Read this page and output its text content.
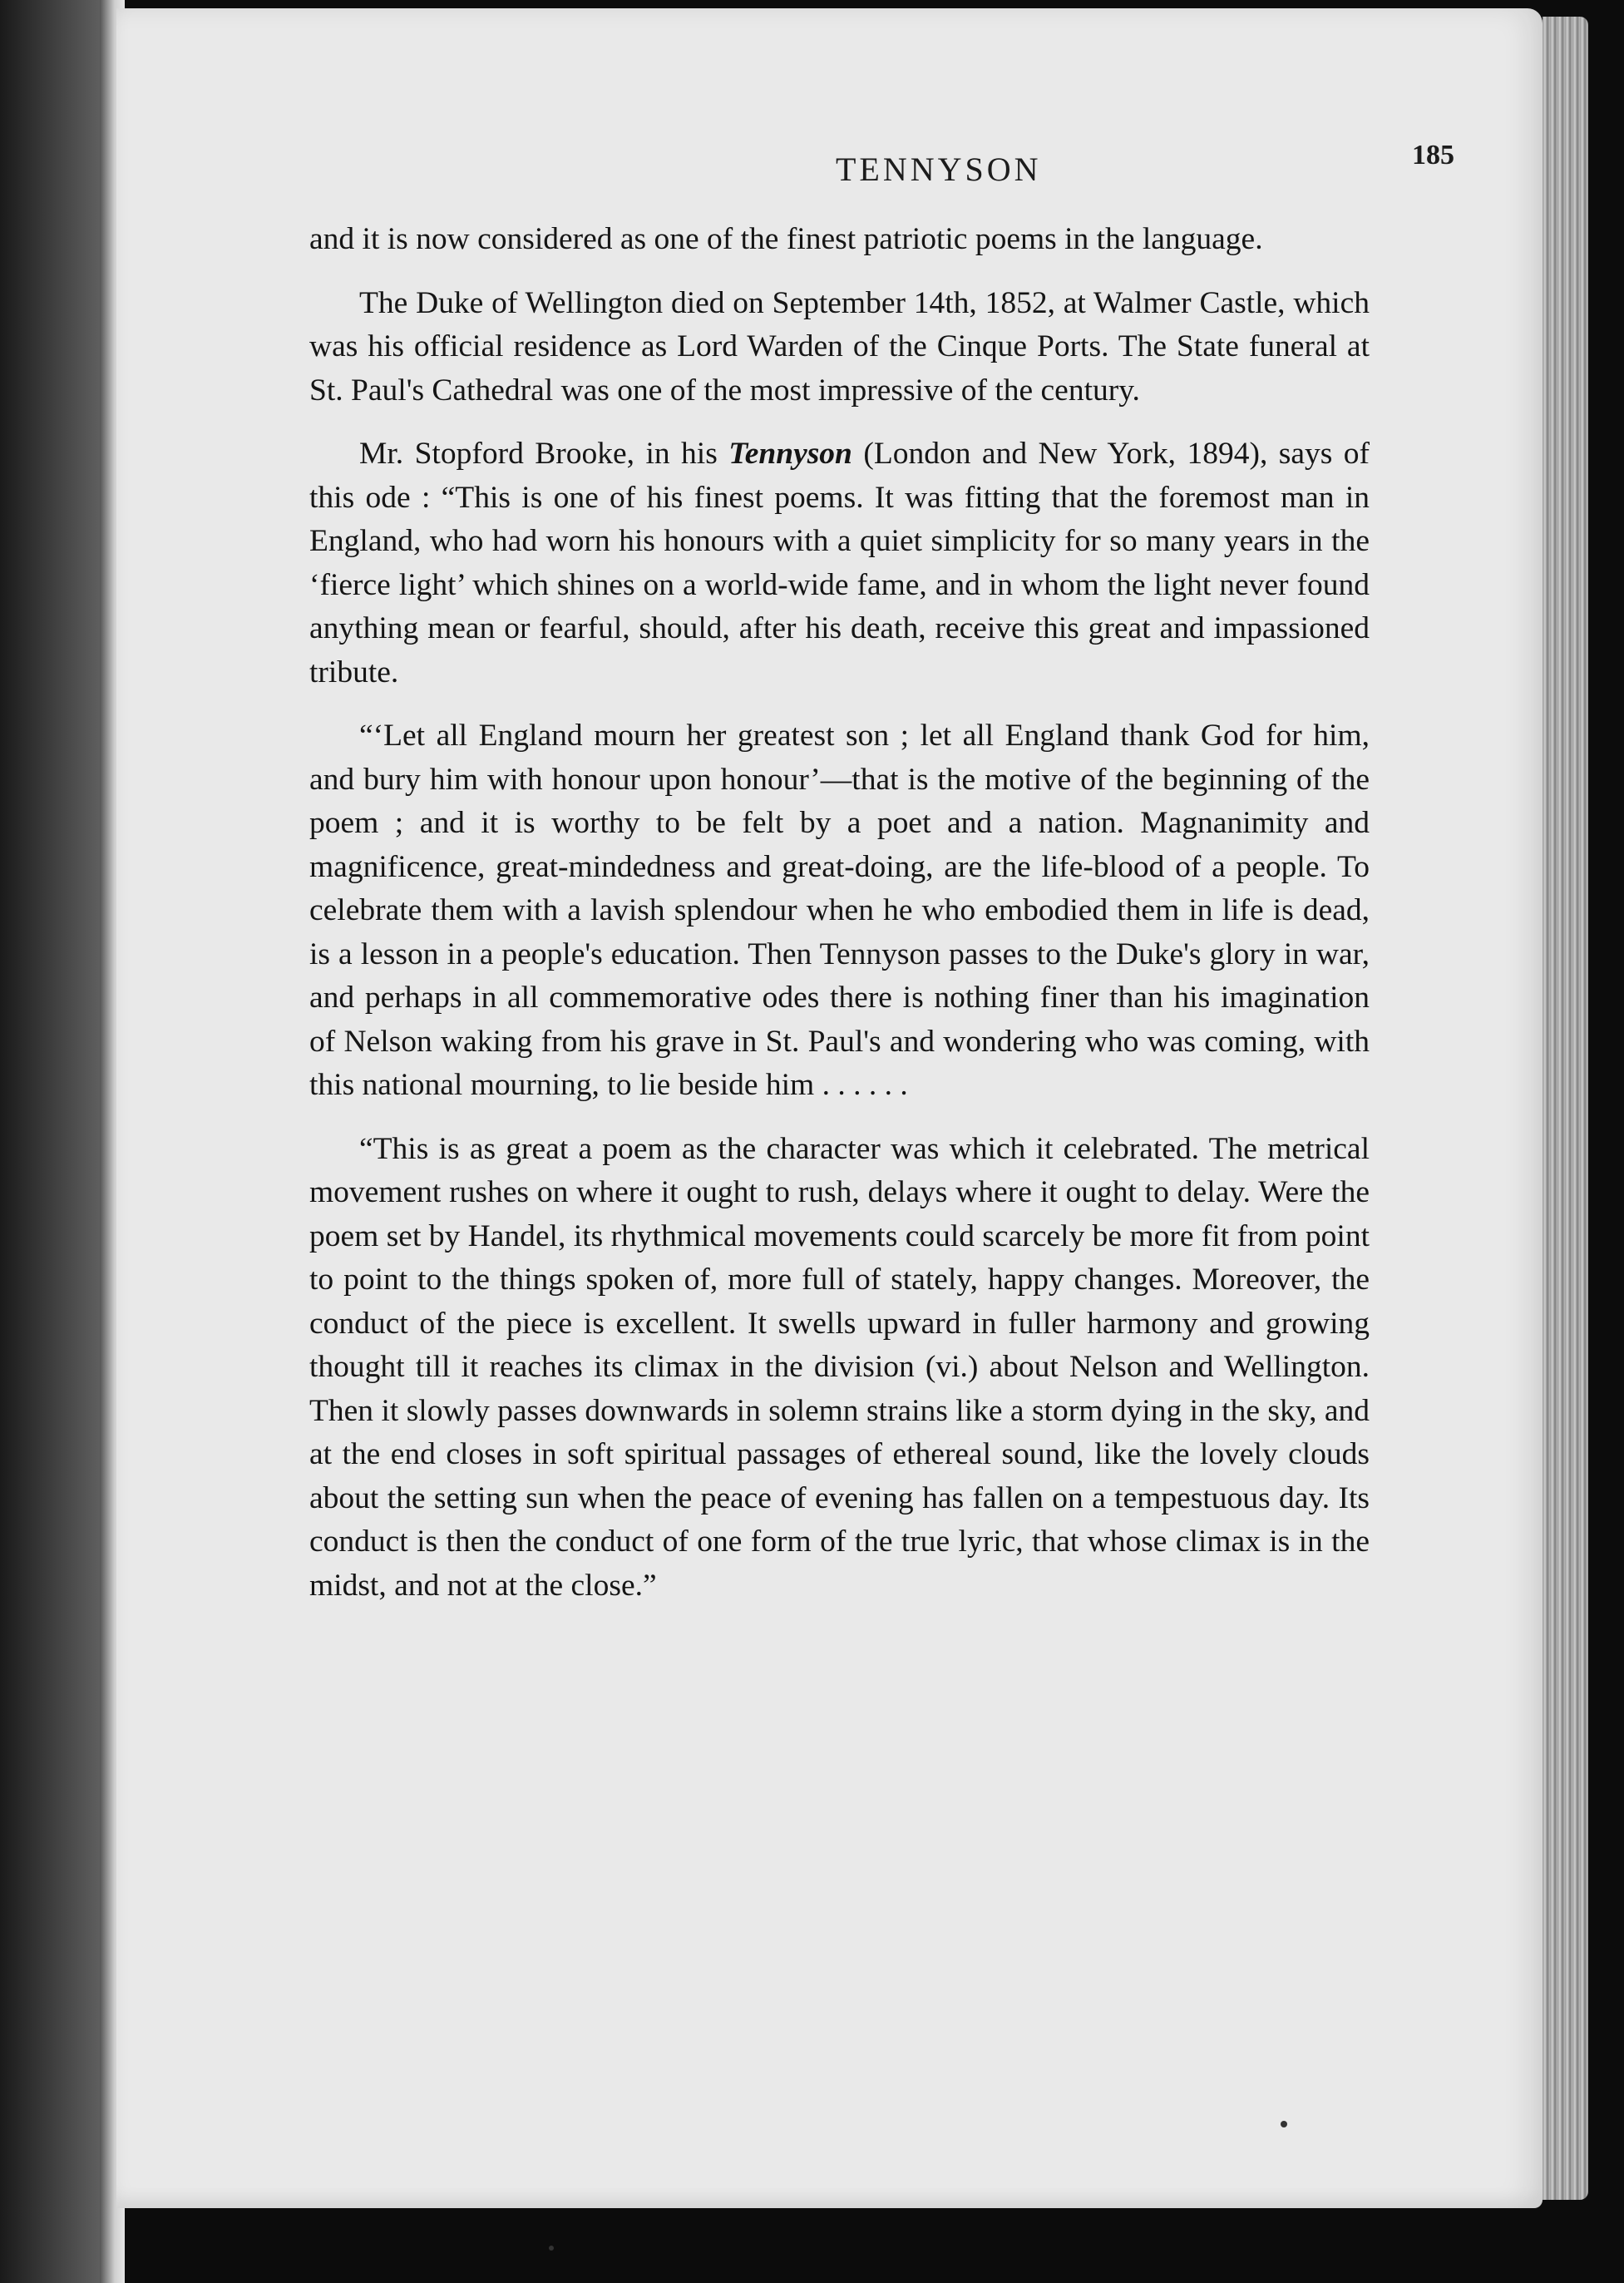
TENNYSON	185

and it is now considered as one of the finest patriotic poems in the language.

The Duke of Wellington died on September 14th, 1852, at Walmer Castle, which was his official residence as Lord Warden of the Cinque Ports. The State funeral at St. Paul's Cathedral was one of the most impressive of the century.

Mr. Stopford Brooke, in his Tennyson (London and New York, 1894), says of this ode : “This is one of his finest poems. It was fitting that the foremost man in England, who had worn his honours with a quiet simplicity for so many years in the ‘fierce light’ which shines on a world-wide fame, and in whom the light never found anything mean or fearful, should, after his death, receive this great and impassioned tribute.

“‘Let all England mourn her greatest son ; let all England thank God for him, and bury him with honour upon honour’—that is the motive of the beginning of the poem ; and it is worthy to be felt by a poet and a nation. Magnanimity and magnificence, great-mindedness and great-doing, are the life-blood of a people. To celebrate them with a lavish splendour when he who embodied them in life is dead, is a lesson in a people's education. Then Tennyson passes to the Duke's glory in war, and perhaps in all commemorative odes there is nothing finer than his imagination of Nelson waking from his grave in St. Paul's and wondering who was coming, with this national mourning, to lie beside him . . . . . .

“This is as great a poem as the character was which it celebrated. The metrical movement rushes on where it ought to rush, delays where it ought to delay. Were the poem set by Handel, its rhythmical movements could scarcely be more fit from point to point to the things spoken of, more full of stately, happy changes. Moreover, the conduct of the piece is excellent. It swells upward in fuller harmony and growing thought till it reaches its climax in the division (vi.) about Nelson and Wellington. Then it slowly passes downwards in solemn strains like a storm dying in the sky, and at the end closes in soft spiritual passages of ethereal sound, like the lovely clouds about the setting sun when the peace of evening has fallen on a tempestuous day. Its conduct is then the conduct of one form of the true lyric, that whose climax is in the midst, and not at the close.”
